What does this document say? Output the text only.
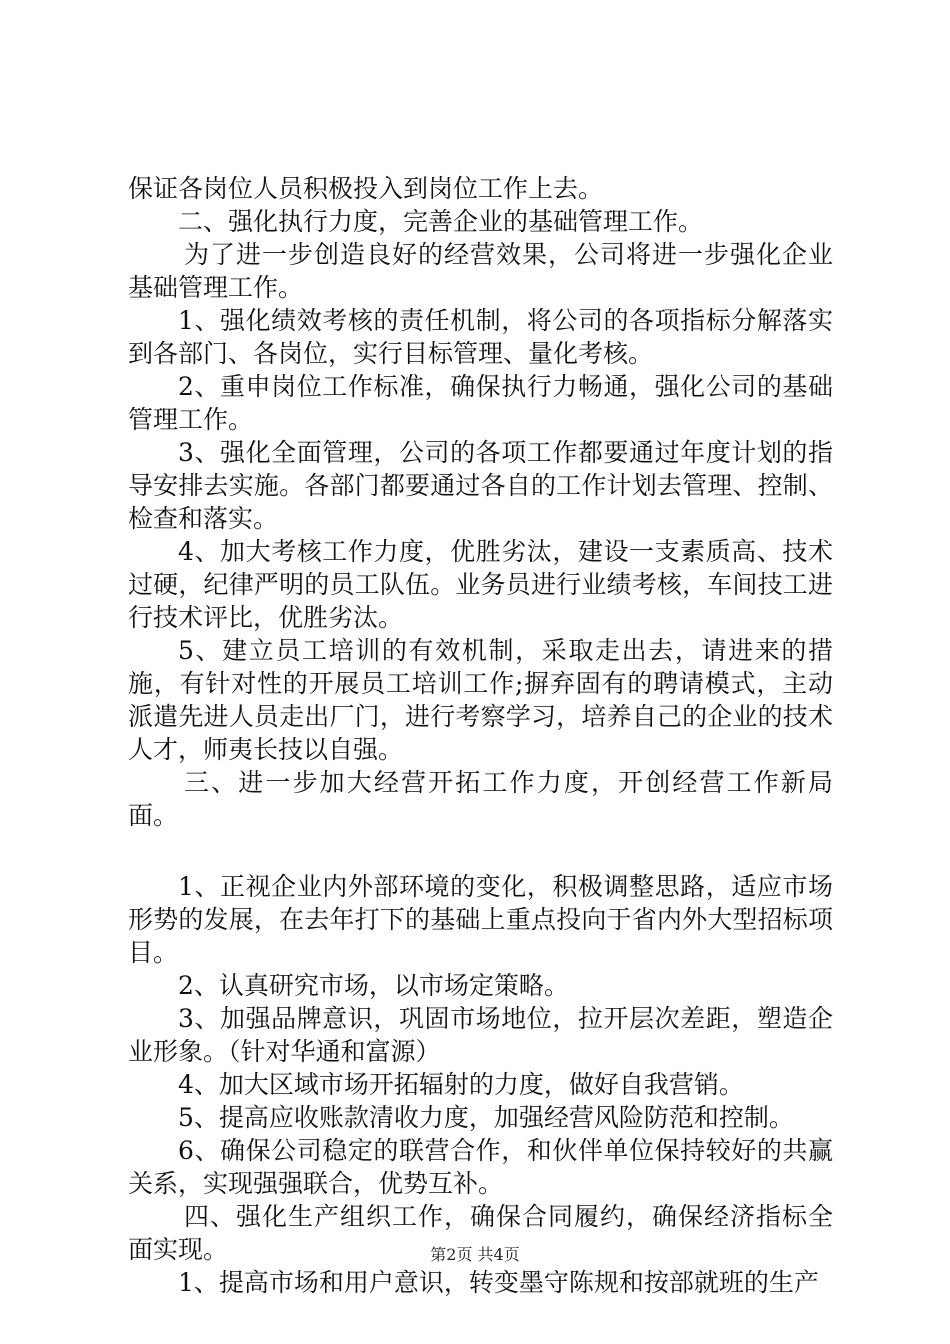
保证各岗位人员积极投入到岗位工作上去。

二、强化执行力度，完善企业的基础管理工作。

为了进一步创造良好的经营效果，公司将进一步强化企业基础管理工作。

1、强化绩效考核的责任机制，将公司的各项指标分解落实到各部门、各岗位，实行目标管理、量化考核。

2、重申岗位工作标准，确保执行力畅通，强化公司的基础管理工作。

3、强化全面管理，公司的各项工作都要通过年度计划的指导安排去实施。各部门都要通过各自的工作计划去管理、控制、检查和落实。

4、加大考核工作力度，优胜劣汰，建设一支素质高、技术过硬，纪律严明的员工队伍。业务员进行业绩考核，车间技工进行技术评比，优胜劣汰。

5、建立员工培训的有效机制，采取走出去，请进来的措施，有针对性的开展员工培训工作;摒弃固有的聘请模式，主动派遣先进人员走出厂门，进行考察学习，培养自己的企业的技术人才，师夷长技以自强。

三、进一步加大经营开拓工作力度，开创经营工作新局面。

1、正视企业内外部环境的变化，积极调整思路，适应市场形势的发展，在去年打下的基础上重点投向于省内外大型招标项目。

2、认真研究市场，以市场定策略。

3、加强品牌意识，巩固市场地位，拉开层次差距，塑造企业形象。（针对华通和富源）

4、加大区域市场开拓辐射的力度，做好自我营销。

5、提高应收账款清收力度，加强经营风险防范和控制。

6、确保公司稳定的联营合作，和伙伴单位保持较好的共赢关系，实现强强联合，优势互补。

四、强化生产组织工作，确保合同履约，确保经济指标全面实现。

1、提高市场和用户意识，转变墨守陈规和按部就班的生产

第2页 共4页
